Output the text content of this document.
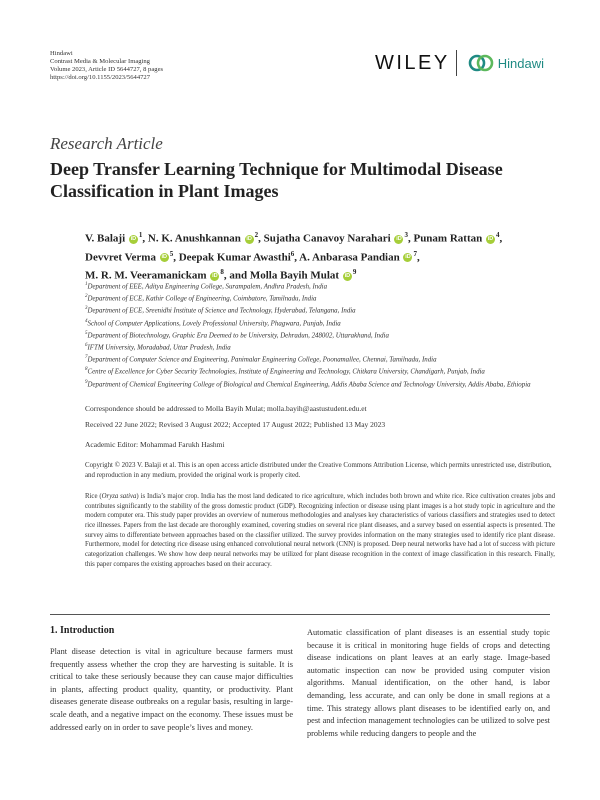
Hindawi
Contrast Media & Molecular Imaging
Volume 2023, Article ID 5644727, 8 pages
https://doi.org/10.1155/2023/5644727
WILEY	Hindawi
Research Article
Deep Transfer Learning Technique for Multimodal Disease Classification in Plant Images
V. Balaji iD $^1$, N. K. Anushkannan iD $^2$, Sujatha Canavoy Narahari iD $^3$, Punam Rattan iD $^4$,
Devvret Verma iD $^5$, Deepak Kumar Awasthi$^6$, A. Anbarasa Pandian iD $^7$,
M. R. M. Veeramanickam iD $^8$, and Molla Bayih Mulat iD $^9$
$^1$Department of EEE, Aditya Engineering College, Surampalem, Andhra Pradesh, India
$^2$Department of ECE, Kathir College of Engineering, Coimbatore, Tamilnadu, India
$^3$Department of ECE, Sreenidhi Institute of Science and Technology, Hyderabad, Telangana, India
$^4$School of Computer Applications, Lovely Professional University, Phagwara, Punjab, India
$^5$Department of Biotechnology, Graphic Era Deemed to be University, Dehradun, 248002, Uttarakhand, India
$^6$IFTM University, Moradabad, Uttar Pradesh, India
$^7$Department of Computer Science and Engineering, Panimalar Engineering College, Poonamallee, Chennai, Tamilnadu, India
$^8$Centre of Excellence for Cyber Security Technologies, Institute of Engineering and Technology, Chitkara University, Chandigarh, Punjab, India
$^9$Department of Chemical Engineering College of Biological and Chemical Engineering, Addis Ababa Science and Technology University, Addis Ababa, Ethiopia
Correspondence should be addressed to Molla Bayih Mulat; molla.bayih@aastustudent.edu.et
Received 22 June 2022; Revised 3 August 2022; Accepted 17 August 2022; Published 13 May 2023
Academic Editor: Mohammad Farukh Hashmi
Copyright © 2023 V. Balaji et al. This is an open access article distributed under the Creative Commons Attribution License, which permits unrestricted use, distribution, and reproduction in any medium, provided the original work is properly cited.
Rice (Oryza sativa) is India’s major crop. India has the most land dedicated to rice agriculture, which includes both brown and white rice. Rice cultivation creates jobs and contributes significantly to the stability of the gross domestic product (GDP). Recognizing infection or disease using plant images is a hot study topic in agriculture and the modern computer era. This study paper provides an overview of numerous methodologies and analyses key characteristics of various classifiers and strategies used to detect rice illnesses. Papers from the last decade are thoroughly examined, covering studies on several rice plant diseases, and a survey based on essential aspects is presented. The survey aims to differentiate between approaches based on the classifier utilized. The survey provides information on the many strategies used to identify rice plant disease. Furthermore, model for detecting rice disease using enhanced convolutional neural network (CNN) is proposed. Deep neural networks have had a lot of success with picture categorization challenges. We show how deep neural networks may be utilized for plant disease recognition in the context of image classification in this research. Finally, this paper compares the existing approaches based on their accuracy.
1. Introduction
Plant disease detection is vital in agriculture because farmers must frequently assess whether the crop they are harvesting is suitable. It is critical to take these seriously because they can cause major difficulties in plants, affecting product quality, quantity, or productivity. Plant diseases generate disease outbreaks on a regular basis, resulting in large-scale death, and a negative impact on the economy. These issues must be addressed early on in order to save people’s lives and money.
Automatic classification of plant diseases is an essential study topic because it is critical in monitoring huge fields of crops and detecting disease indications on plant leaves at an early stage. Image-based automatic inspection can now be provided using computer vision algorithms. Manual identification, on the other hand, is labor demanding, less accurate, and can only be done in small regions at a time. This strategy allows plant diseases to be identified early on, and pest and infection management technologies can be utilized to solve pest problems while reducing dangers to people and the
